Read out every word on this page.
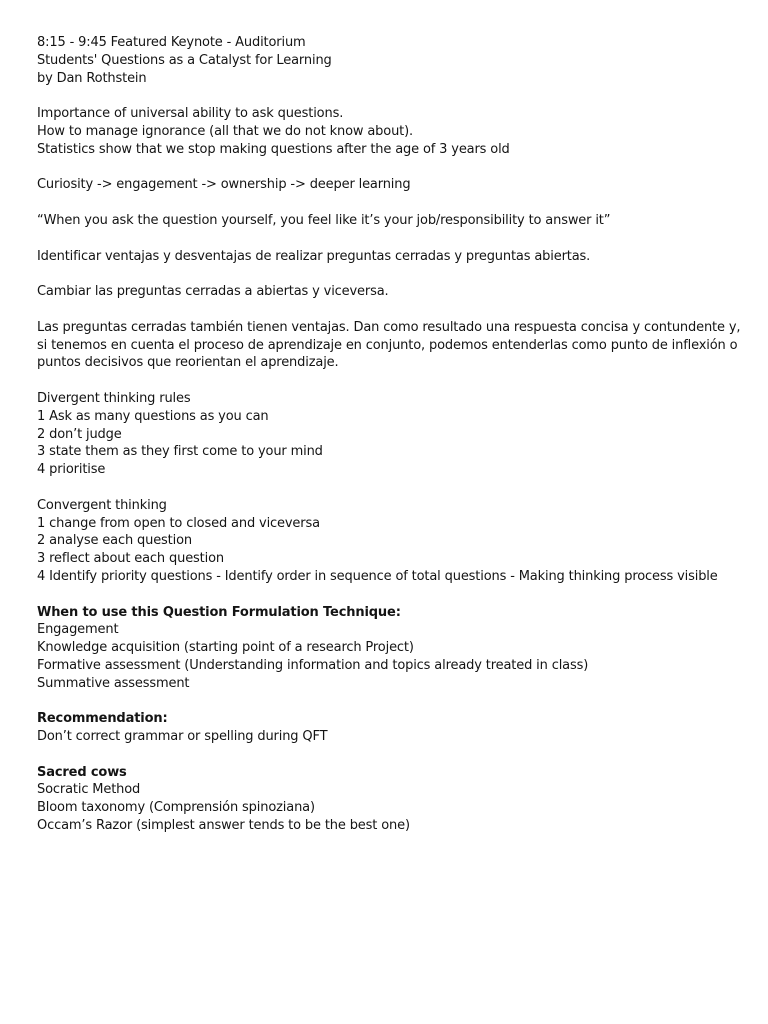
8:15 - 9:45 Featured Keynote - Auditorium
Students' Questions as a Catalyst for Learning
by Dan Rothstein
Importance of universal ability to ask questions.
How to manage ignorance (all that we do not know about).
Statistics show that we stop making questions after the age of 3 years old
Curiosity -> engagement -> ownership -> deeper learning
“When you ask the question yourself, you feel like it’s your job/responsibility to answer it”
Identificar ventajas y desventajas de realizar preguntas cerradas y preguntas abiertas.
Cambiar las preguntas cerradas a abiertas y viceversa.
Las preguntas cerradas también tienen ventajas. Dan como resultado una respuesta concisa y contundente y,
si tenemos en cuenta el proceso de aprendizaje en conjunto, podemos entenderlas como punto de inflexión o
puntos decisivos que reorientan el aprendizaje.
Divergent thinking rules
1 Ask as many questions as you can
2 don’t judge
3 state them as they first come to your mind
4 prioritise
Convergent thinking
1 change from open to closed and viceversa
2 analyse each question
3 reflect about each question
4 Identify priority questions - Identify order in sequence of total questions - Making thinking process visible
When to use this Question Formulation Technique:
Engagement
Knowledge acquisition (starting point of a research Project)
Formative assessment (Understanding information and topics already treated in class)
Summative assessment
Recommendation:
Don’t correct grammar or spelling during QFT
Sacred cows
Socratic Method
Bloom taxonomy (Comprensión spinoziana)
Occam’s Razor (simplest answer tends to be the best one)
